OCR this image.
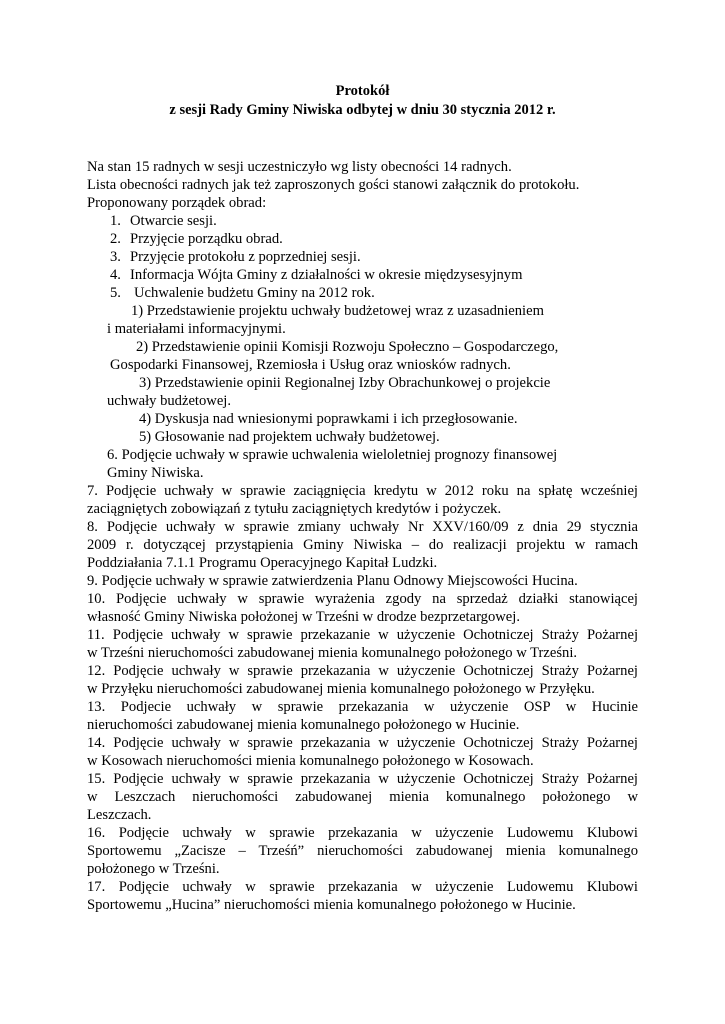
Protokół
z sesji Rady Gminy Niwiska odbytej w dniu 30 stycznia 2012 r.
Na stan 15 radnych w sesji uczestniczyło wg listy obecności 14 radnych.
Lista obecności radnych jak też zaproszonych gości stanowi załącznik do protokołu.
Proponowany porządek obrad:
1. Otwarcie sesji.
2. Przyjęcie porządku obrad.
3. Przyjęcie protokołu z poprzedniej sesji.
4. Informacja Wójta Gminy z działalności w okresie międzysesyjnym
5. Uchwalenie budżetu Gminy na 2012 rok.
1) Przedstawienie projektu uchwały budżetowej wraz z uzasadnieniem
i materiałami informacyjnymi.
2) Przedstawienie opinii Komisji Rozwoju Społeczno – Gospodarczego,
Gospodarki Finansowej, Rzemiosła i Usług oraz wniosków radnych.
3) Przedstawienie opinii Regionalnej Izby Obrachunkowej o projekcie
uchwały budżetowej.
4) Dyskusja nad wniesionymi poprawkami i ich przegłosowanie.
5) Głosowanie nad projektem uchwały budżetowej.
6. Podjęcie uchwały w sprawie uchwalenia wieloletniej prognozy finansowej
Gminy Niwiska.
7. Podjęcie uchwały w sprawie zaciągnięcia kredytu w 2012 roku na spłatę wcześniej
zaciągniętych zobowiązań z tytułu zaciągniętych kredytów i pożyczek.
8. Podjęcie uchwały w sprawie zmiany uchwały Nr XXV/160/09 z dnia 29 stycznia
2009 r. dotyczącej przystąpienia Gminy Niwiska – do realizacji projektu w ramach
Poddziałania 7.1.1 Programu Operacyjnego Kapitał Ludzki.
9. Podjęcie uchwały w sprawie zatwierdzenia Planu Odnowy Miejscowości Hucina.
10. Podjęcie uchwały w sprawie wyrażenia zgody na sprzedaż działki stanowiącej
własność Gminy Niwiska położonej w Trześni w drodze bezprzetargowej.
11. Podjęcie uchwały w sprawie przekazanie w użyczenie Ochotniczej Straży Pożarnej
w Trześni nieruchomości zabudowanej mienia komunalnego położonego w Trześni.
12. Podjęcie uchwały w sprawie przekazania w użyczenie Ochotniczej Straży Pożarnej
w Przyłęku nieruchomości zabudowanej mienia komunalnego położonego w Przyłęku.
13. Podjecie uchwały w sprawie przekazania w użyczenie OSP w Hucinie
nieruchomości zabudowanej mienia komunalnego położonego w Hucinie.
14. Podjęcie uchwały w sprawie przekazania w użyczenie Ochotniczej Straży Pożarnej
w Kosowach nieruchomości mienia komunalnego położonego w Kosowach.
15. Podjęcie uchwały w sprawie przekazania w użyczenie Ochotniczej Straży Pożarnej
w Leszczach nieruchomości zabudowanej mienia komunalnego położonego w
Leszczach.
16. Podjęcie uchwały w sprawie przekazania w użyczenie Ludowemu Klubowi
Sportowemu „Zacisze – Trześń” nieruchomości zabudowanej mienia komunalnego
położonego w Trześni.
17. Podjęcie uchwały w sprawie przekazania w użyczenie Ludowemu Klubowi
Sportowemu „Hucina” nieruchomości mienia komunalnego położonego w Hucinie.
